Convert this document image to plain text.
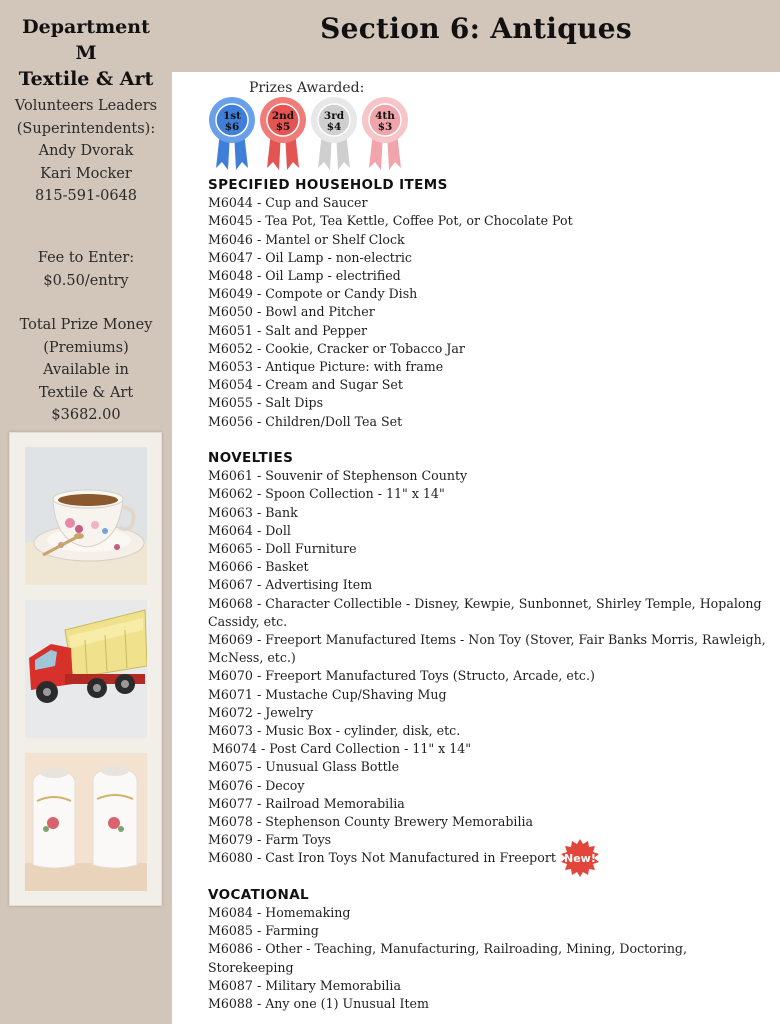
Department
M
Textile & Art
Volunteers Leaders
(Superintendents):
Andy Dvorak
Kari Mocker
815-591-0648
Fee to Enter:
$0.50/entry
Total Prize Money
(Premiums)
Available in
Textile & Art
$3682.00
Section 6: Antiques
Prizes Awarded:
1st
$6
2nd
$5
3rd
$4
4th
$3
SPECIFIED HOUSEHOLD ITEMS
M6044 - Cup and Saucer
M6045 - Tea Pot, Tea Kettle, Coffee Pot, or Chocolate Pot
M6046 - Mantel or Shelf Clock
M6047 - Oil Lamp - non-electric
M6048 - Oil Lamp - electrified
M6049 - Compote or Candy Dish
M6050 - Bowl and Pitcher
M6051 - Salt and Pepper
M6052 - Cookie, Cracker or Tobacco Jar
M6053 - Antique Picture: with frame
M6054 - Cream and Sugar Set
M6055 - Salt Dips
M6056 - Children/Doll Tea Set
NOVELTIES
M6061 - Souvenir of Stephenson County
M6062 - Spoon Collection - 11" x 14"
M6063 - Bank
M6064 - Doll
M6065 - Doll Furniture
M6066 - Basket
M6067 - Advertising Item
M6068 - Character Collectible - Disney, Kewpie, Sunbonnet, Shirley Temple, Hopalong Cassidy, etc.
M6069 - Freeport Manufactured Items - Non Toy (Stover, Fair Banks Morris, Rawleigh, McNess, etc.)
M6070 - Freeport Manufactured Toys (Structo, Arcade, etc.)
M6071 - Mustache Cup/Shaving Mug
M6072 - Jewelry
M6073 - Music Box - cylinder, disk, etc.
M6074 - Post Card Collection - 11" x 14"
M6075 - Unusual Glass Bottle
M6076 - Decoy
M6077 - Railroad Memorabilia
M6078 - Stephenson County Brewery Memorabilia
M6079 - Farm Toys
M6080 - Cast Iron Toys Not Manufactured in Freeport New!
VOCATIONAL
M6084 - Homemaking
M6085 - Farming
M6086 - Other - Teaching, Manufacturing, Railroading, Mining, Doctoring, Storekeeping
M6087 - Military Memorabilia
M6088 - Any one (1) Unusual Item
